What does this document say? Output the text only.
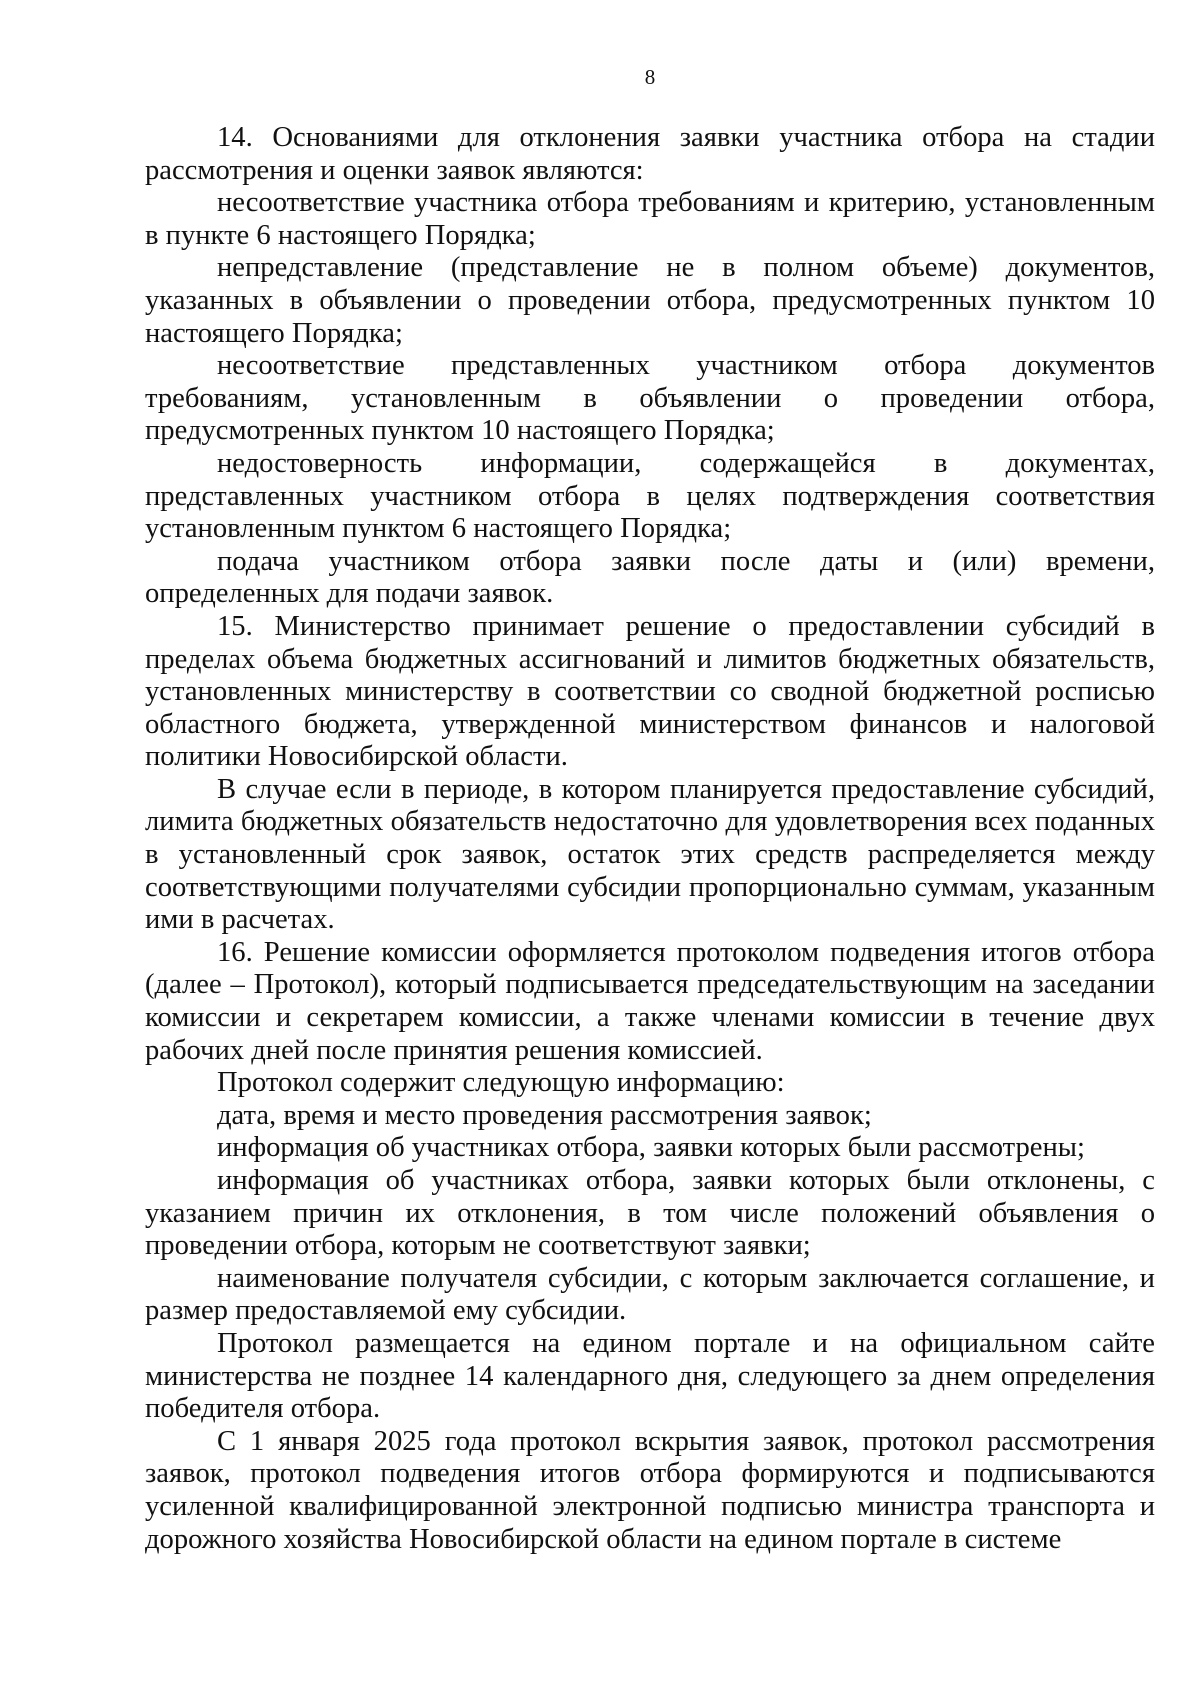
8

14. Основаниями для отклонения заявки участника отбора на стадии рассмотрения и оценки заявок являются:

несоответствие участника отбора требованиям и критерию, установленным в пункте 6 настоящего Порядка;

непредставление (представление не в полном объеме) документов, указанных в объявлении о проведении отбора, предусмотренных пунктом 10 настоящего Порядка;

несоответствие представленных участником отбора документов требованиям, установленным в объявлении о проведении отбора, предусмотренных пунктом 10 настоящего Порядка;

недостоверность информации, содержащейся в документах, представленных участником отбора в целях подтверждения соответствия установленным пунктом 6 настоящего Порядка;

подача участником отбора заявки после даты и (или) времени, определенных для подачи заявок.

15. Министерство принимает решение о предоставлении субсидий в пределах объема бюджетных ассигнований и лимитов бюджетных обязательств, установленных министерству в соответствии со сводной бюджетной росписью областного бюджета, утвержденной министерством финансов и налоговой политики Новосибирской области.

В случае если в периоде, в котором планируется предоставление субсидий, лимита бюджетных обязательств недостаточно для удовлетворения всех поданных в установленный срок заявок, остаток этих средств распределяется между соответствующими получателями субсидии пропорционально суммам, указанным ими в расчетах.

16. Решение комиссии оформляется протоколом подведения итогов отбора (далее – Протокол), который подписывается председательствующим на заседании комиссии и секретарем комиссии, а также членами комиссии в течение двух рабочих дней после принятия решения комиссией.

Протокол содержит следующую информацию:

дата, время и место проведения рассмотрения заявок;

информация об участниках отбора, заявки которых были рассмотрены;

информация об участниках отбора, заявки которых были отклонены, с указанием причин их отклонения, в том числе положений объявления о проведении отбора, которым не соответствуют заявки;

наименование получателя субсидии, с которым заключается соглашение, и размер предоставляемой ему субсидии.

Протокол размещается на едином портале и на официальном сайте министерства не позднее 14 календарного дня, следующего за днем определения победителя отбора.

С 1 января 2025 года протокол вскрытия заявок, протокол рассмотрения заявок, протокол подведения итогов отбора формируются и подписываются усиленной квалифицированной электронной подписью министра транспорта и дорожного хозяйства Новосибирской области на едином портале в системе
